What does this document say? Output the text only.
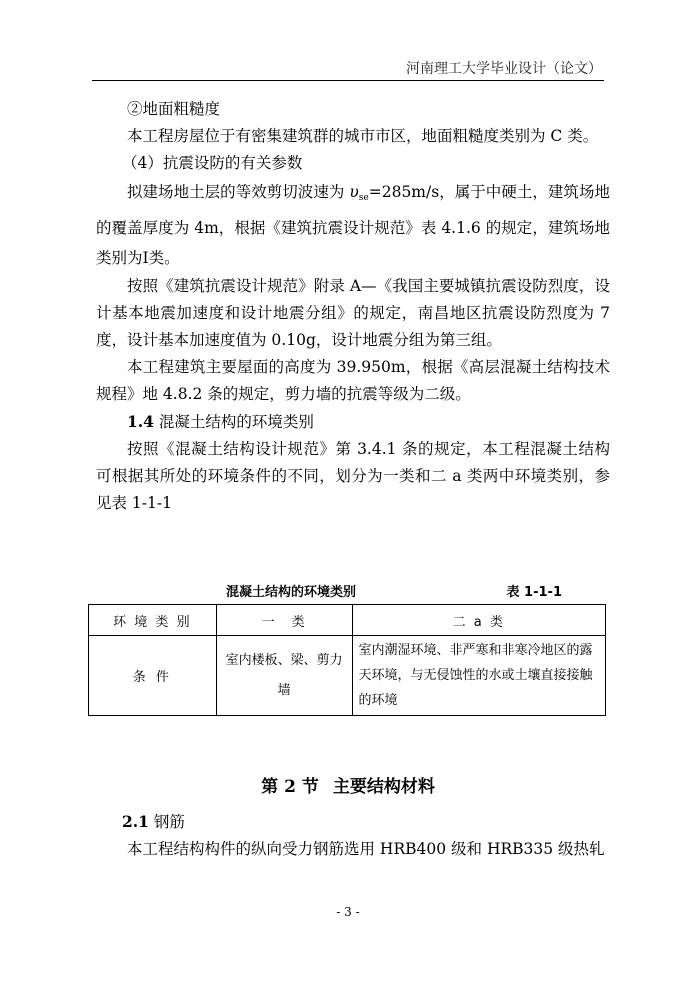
河南理工大学毕业设计（论文）

②地面粗糙度

本工程房屋位于有密集建筑群的城市市区，地面粗糙度类别为 C 类。

（4）抗震设防的有关参数

拟建场地土层的等效剪切波速为 $\upsilon_{se}=285m/s$，属于中硬土，建筑场地的覆盖厚度为 4m，根据《建筑抗震设计规范》表 4.1.6 的规定，建筑场地类别为Ⅰ类。

按照《建筑抗震设计规范》附录 A—《我国主要城镇抗震设防烈度，设计基本地震加速度和设计地震分组》的规定，南昌地区抗震设防烈度为 7 度，设计基本加速度值为 0.10g，设计地震分组为第三组。

本工程建筑主要屋面的高度为 39.950m，根据《高层混凝土结构技术规程》地 4.8.2 条的规定，剪力墙的抗震等级为二级。

1.4 混凝土结构的环境类别

按照《混凝土结构设计规范》第 3.4.1 条的规定，本工程混凝土结构可根据其所处的环境条件的不同，划分为一类和二 a 类两中环境类别，参见表 1-1-1

混凝土结构的环境类别	表 1-1-1
环 境 类 别	一　类	二 a 类
条 件	室内楼板、梁、剪力墙	室内潮湿环境、非严寒和非寒冷地区的露天环境，与无侵蚀性的水或土壤直接接触的环境
第 2 节 主要结构材料

2.1 钢筋

本工程结构构件的纵向受力钢筋选用 HRB400 级和 HRB335 级热轧

- 3 -
